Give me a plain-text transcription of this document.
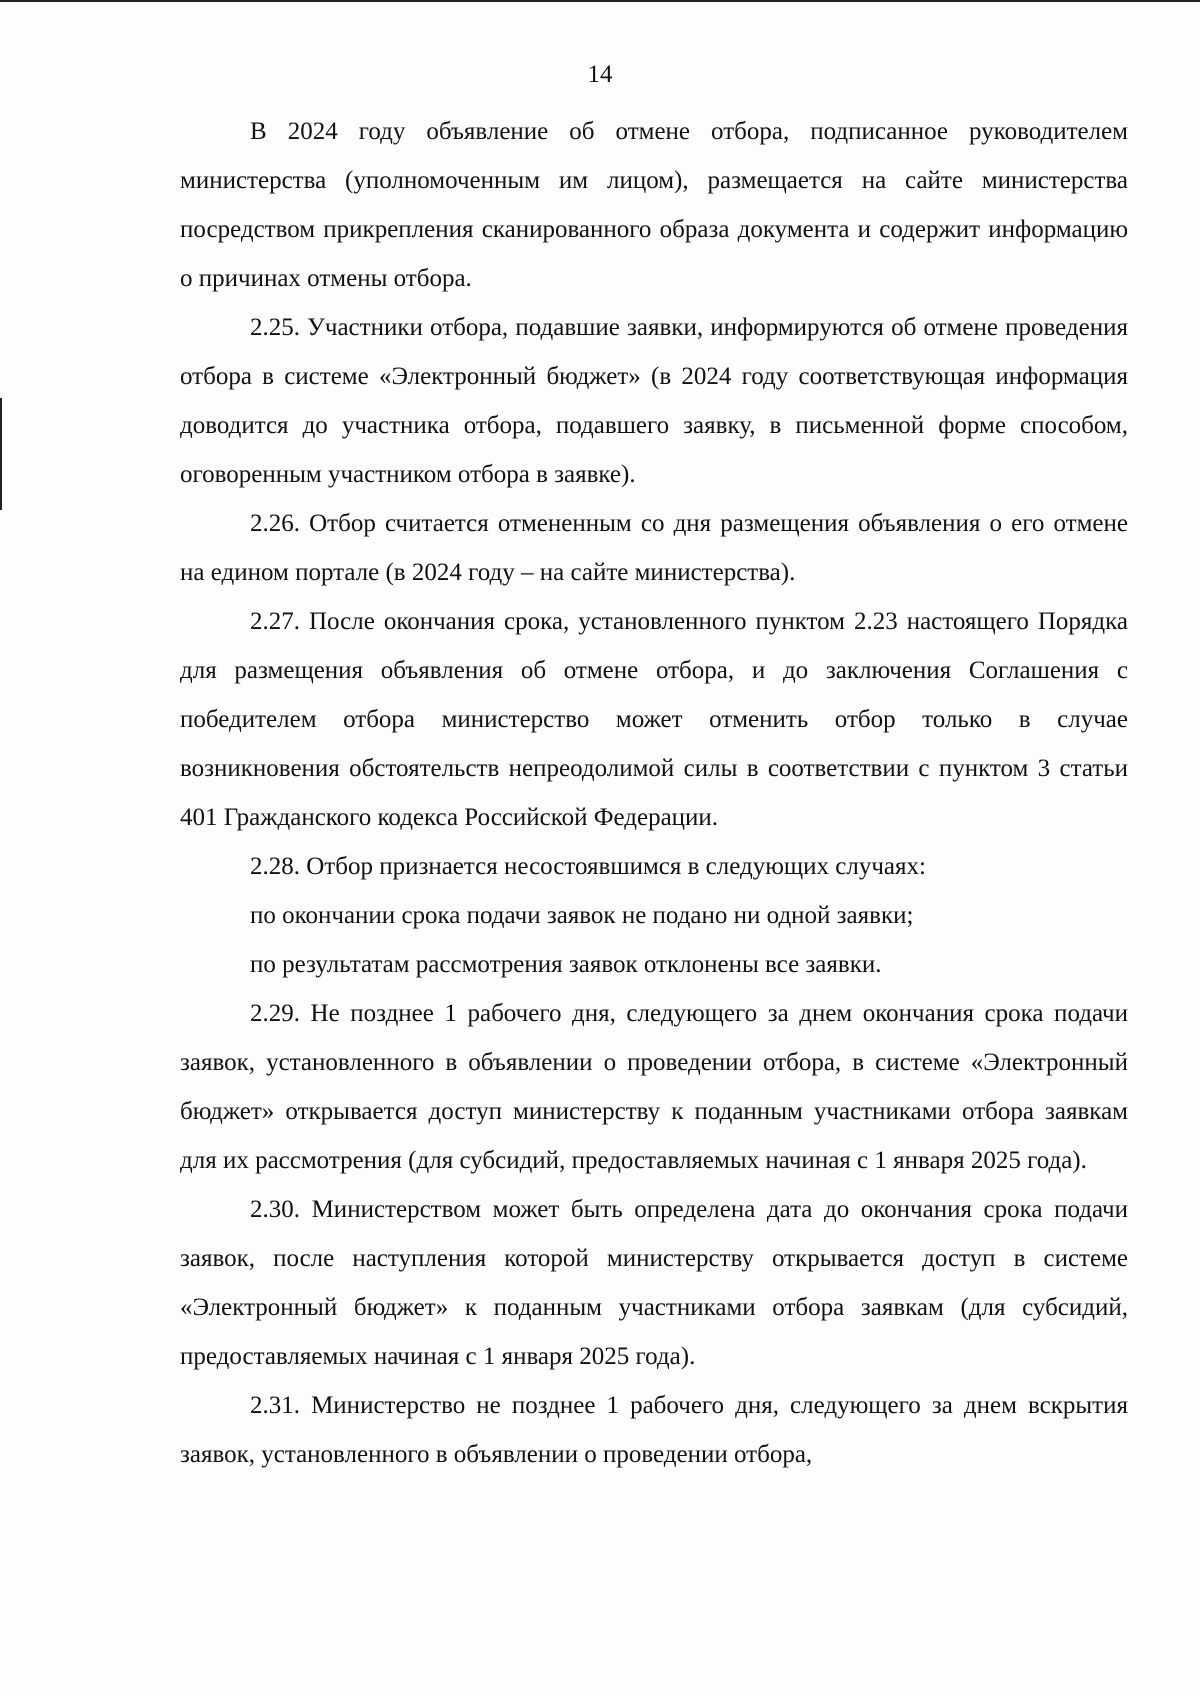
14

В 2024 году объявление об отмене отбора, подписанное руководителем министерства (уполномоченным им лицом), размещается на сайте министерства посредством прикрепления сканированного образа документа и содержит информацию о причинах отмены отбора.

2.25. Участники отбора, подавшие заявки, информируются об отмене проведения отбора в системе «Электронный бюджет» (в 2024 году соответствующая информация доводится до участника отбора, подавшего заявку, в письменной форме способом, оговоренным участником отбора в заявке).

2.26. Отбор считается отмененным со дня размещения объявления о его отмене на едином портале (в 2024 году – на сайте министерства).

2.27. После окончания срока, установленного пунктом 2.23 настоящего Порядка для размещения объявления об отмене отбора, и до заключения Соглашения с победителем отбора министерство может отменить отбор только в случае возникновения обстоятельств непреодолимой силы в соответствии с пунктом 3 статьи 401 Гражданского кодекса Российской Федерации.

2.28. Отбор признается несостоявшимся в следующих случаях:

по окончании срока подачи заявок не подано ни одной заявки;

по результатам рассмотрения заявок отклонены все заявки.

2.29. Не позднее 1 рабочего дня, следующего за днем окончания срока подачи заявок, установленного в объявлении о проведении отбора, в системе «Электронный бюджет» открывается доступ министерству к поданным участниками отбора заявкам для их рассмотрения (для субсидий, предоставляемых начиная с 1 января 2025 года).

2.30. Министерством может быть определена дата до окончания срока подачи заявок, после наступления которой министерству открывается доступ в системе «Электронный бюджет» к поданным участниками отбора заявкам (для субсидий, предоставляемых начиная с 1 января 2025 года).

2.31. Министерство не позднее 1 рабочего дня, следующего за днем вскрытия заявок, установленного в объявлении о проведении отбора,
